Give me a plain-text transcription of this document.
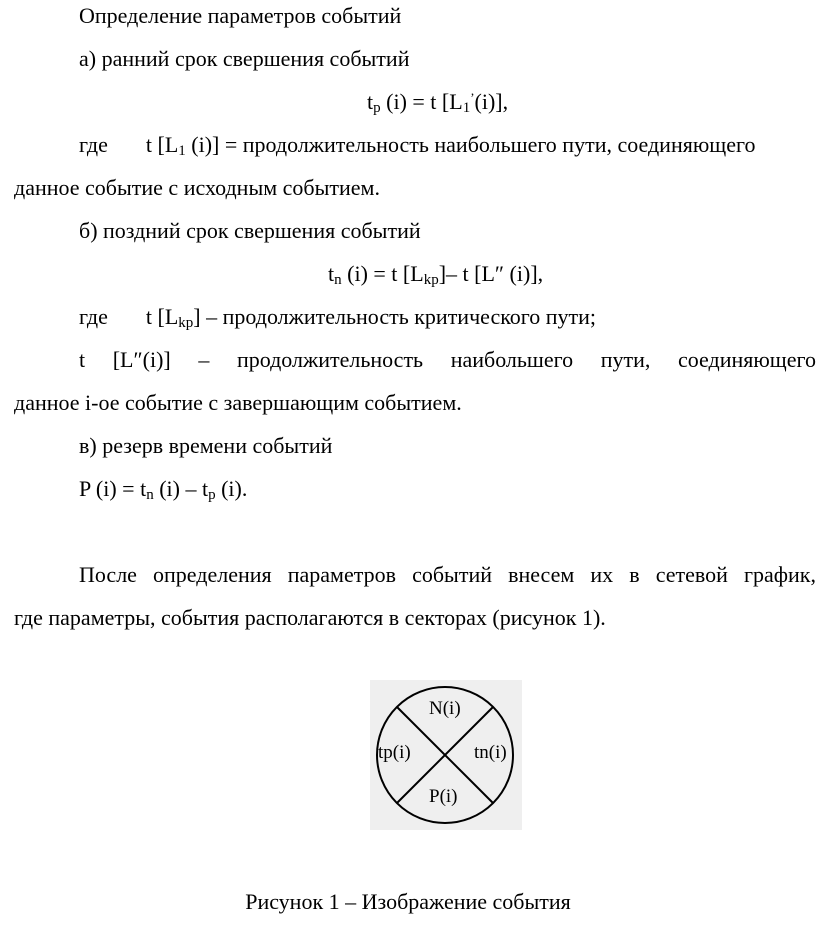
Определение параметров событий
а) ранний срок свершения событий
$t_p$ (i) = t $[L_1^’(i)]$,
где t [$L_1$ (i)] = продолжительность наибольшего пути, соединяющего
данное событие с исходным событием.
б) поздний срок свершения событий
$t_n$ (i) = t $[L_{kp}]-$ t [L″ (i)],
где t $[L_{kp}]$ – продолжительность критического пути;
t [L″(i)] – продолжительность наибольшего пути, соединяющего
данное i-ое событие с завершающим событием.
в) резерв времени событий
P $(i) = t_n$ $(i) - t_p$ (i).
После определения параметров событий внесем их в сетевой график,
где параметры, события располагаются в секторах (рисунок 1).
N(i)
tp(i)	tn(i)
P(i)
Рисунок 1 – Изображение события
